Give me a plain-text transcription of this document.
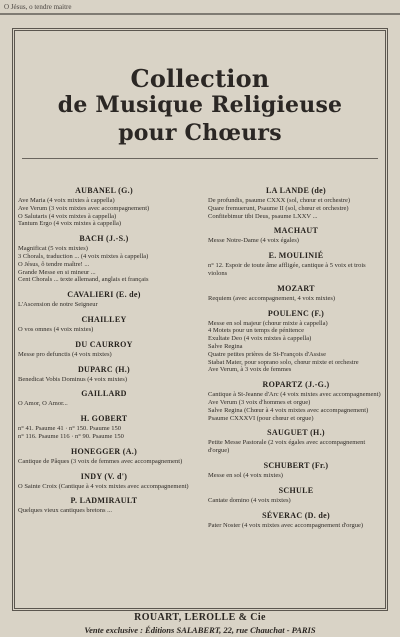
O Jésus, o tendre maitre
Collection
de Musique Religieuse
pour Chœurs
AUBANEL (G.)
Ave Maria (4 voix mixtes à cappella)
Ave Verum (3 voix mixtes avec accompagnement)
O Salutaris (4 voix mixtes à cappella)
Tantum Ergo (4 voix mixtes à cappella)
BACH (J.-S.)
Magnificat (5 voix mixtes)
3 Chorals, traduction ... (4 voix mixtes à cappella)
O Jésus, ô tendre maître! ...
Grande Messe en si mineur ...
Cent Chorals ... texte allemand, anglais et français
CAVALIERI (E. de)
L'Ascension de notre Seigneur
CHAILLEY
O vos omnes (4 voix mixtes)
DU CAURROY
Messe pro defunctis (4 voix mixtes)
DUPARC (H.)
Benedicat Vobis Dominus (4 voix mixtes)
GAILLARD
O Amor, O Amor...
H. GOBERT
n° 41. Psaume 41 · n° 150. Psaume 150
n° 116. Psaume 116 · n° 90. Psaume 150
HONEGGER (A.)
Cantique de Pâques (3 voix de femmes avec accompagnement)
INDY (V. d')
O Sainte Croix (Cantique à 4 voix mixtes avec accompagnement)
P. LADMIRAULT
Quelques vieux cantiques bretons ...
LA LANDE (de)
De profundis, psaume CXXX (sol, chœur et orchestre)
Quare fremuerunt, Psaume II (sol, chœur et orchestre)
Confitebimur tibi Deus, psaume LXXV ...
MACHAUT
Messe Notre-Dame (4 voix égales)
E. MOULINIÉ
n° 12. Espoir de toute âme affligée, cantique à 5 voix et trois violons
MOZART
Requiem (avec accompagnement, 4 voix mixtes)
POULENC (F.)
Messe en sol majeur (chœur mixte à cappella)
4 Motets pour un temps de pénitence
Exultate Deo (4 voix mixtes à cappella)
Salve Regina
Quatre petites prières de St-François d'Assise
Stabat Mater, pour soprano solo, chœur mixte et orchestre
Ave Verum, à 3 voix de femmes
ROPARTZ (J.-G.)
Cantique à St-Jeanne d'Arc (4 voix mixtes avec accompagnement)
Ave Verum (3 voix d'hommes et orgue)
Salve Regina (Chœur à 4 voix mixtes avec accompagnement)
Psaume CXXXVI (pour chœur et orgue)
SAUGUET (H.)
Petite Messe Pastorale (2 voix égales avec accompagnement d'orgue)
SCHUBERT (Fr.)
Messe en sol (4 voix mixtes)
SCHULE
Cantate domino (4 voix mixtes)
SÉVERAC (D. de)
Pater Noster (4 voix mixtes avec accompagnement d'orgue)
ROUART, LEROLLE & Cie
Vente exclusive : Éditions SALABERT, 22, rue Chauchat - PARIS
